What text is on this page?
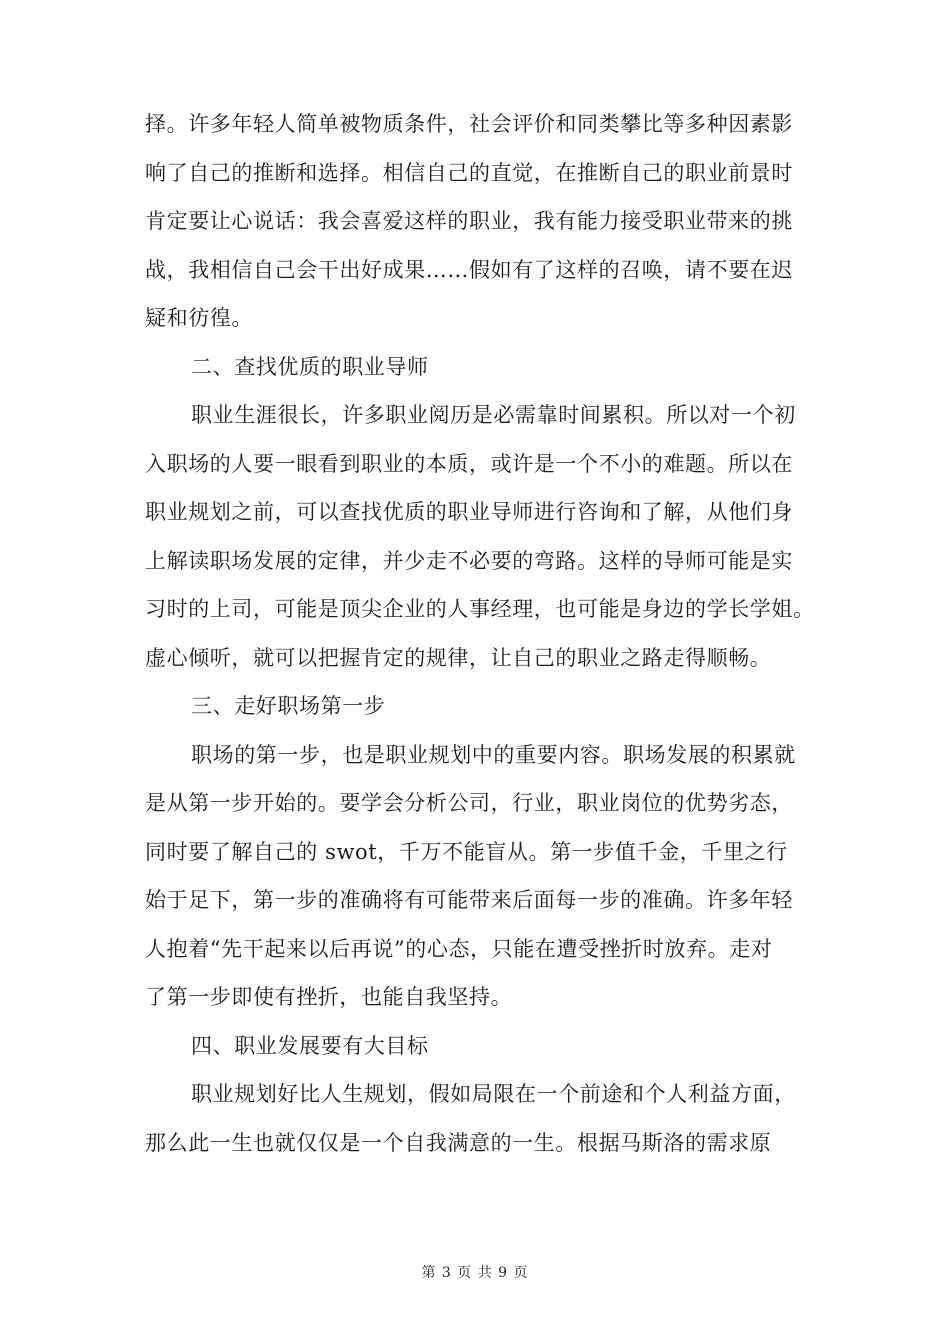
择。许多年轻人简单被物质条件，社会评价和同类攀比等多种因素影
响了自己的推断和选择。相信自己的直觉，在推断自己的职业前景时
肯定要让心说话：我会喜爱这样的职业，我有能力接受职业带来的挑
战，我相信自己会干出好成果……假如有了这样的召唤，请不要在迟
疑和彷徨。
二、查找优质的职业导师
职业生涯很长，许多职业阅历是必需靠时间累积。所以对一个初
入职场的人要一眼看到职业的本质，或许是一个不小的难题。所以在
职业规划之前，可以查找优质的职业导师进行咨询和了解，从他们身
上解读职场发展的定律，并少走不必要的弯路。这样的导师可能是实
习时的上司，可能是顶尖企业的人事经理，也可能是身边的学长学姐。
虚心倾听，就可以把握肯定的规律，让自己的职业之路走得顺畅。
三、走好职场第一步
职场的第一步，也是职业规划中的重要内容。职场发展的积累就
是从第一步开始的。要学会分析公司，行业，职业岗位的优势劣态，
同时要了解自己的 swot，千万不能盲从。第一步值千金，千里之行
始于足下，第一步的准确将有可能带来后面每一步的准确。许多年轻
人抱着“先干起来以后再说”的心态，只能在遭受挫折时放弃。走对
了第一步即使有挫折，也能自我坚持。
四、职业发展要有大目标
职业规划好比人生规划，假如局限在一个前途和个人利益方面，
那么此一生也就仅仅是一个自我满意的一生。根据马斯洛的需求原
第 3 页 共 9 页
